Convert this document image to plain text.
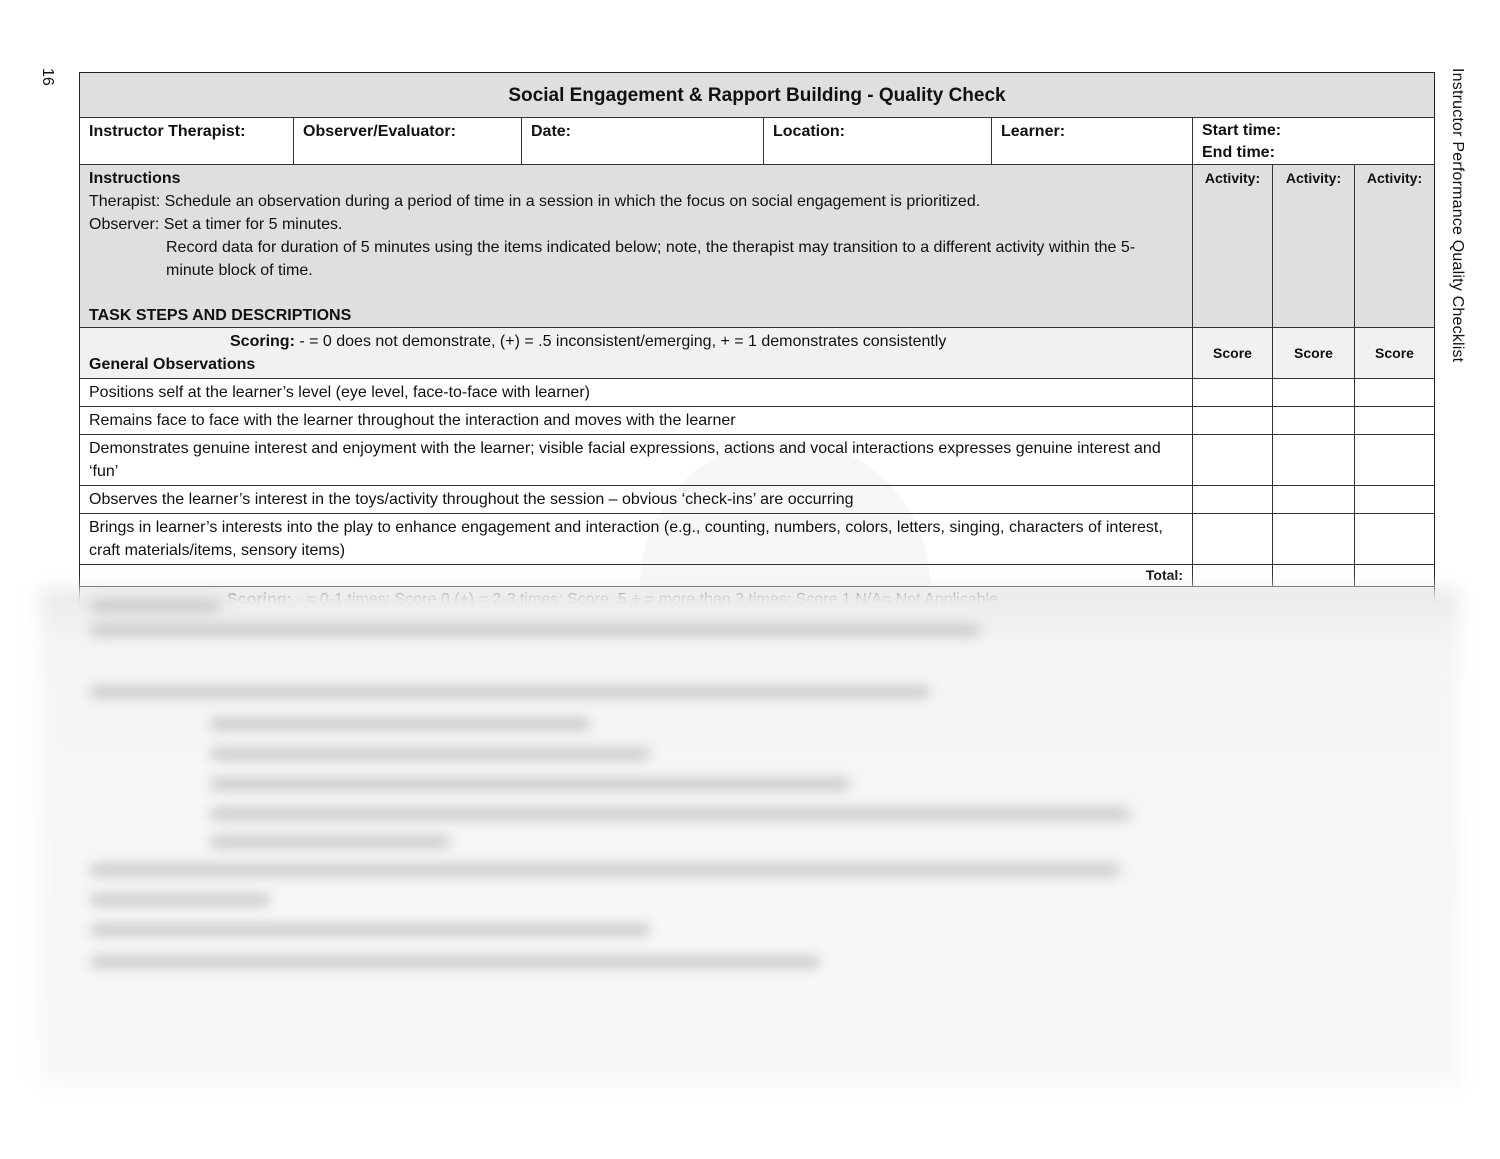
16	Instructor Performance Quality Checklist
Social Engagement & Rapport Building - Quality Check
Instructor Therapist:	Observer/Evaluator:	Date:	Location:	Learner:	Start time:
End time:
Instructions
Therapist: Schedule an observation during a period of time in a session in which the focus on social engagement is prioritized.
Observer: Set a timer for 5 minutes.
Record data for duration of 5 minutes using the items indicated below; note, the therapist may transition to a different activity within the 5-minute block of time.
TASK STEPS AND DESCRIPTIONS
Activity:	Activity:	Activity:
Scoring: - = 0 does not demonstrate, (+) = .5 inconsistent/emerging, + = 1 demonstrates consistently
General Observations
Score	Score	Score
Positions self at the learner’s level (eye level, face-to-face with learner)
Remains face to face with the learner throughout the interaction and moves with the learner
Demonstrates genuine interest and enjoyment with the learner; visible facial expressions, actions and vocal interactions expresses genuine interest and ‘fun’
Observes the learner’s interest in the toys/activity throughout the session – obvious ‘check-ins’ are occurring
Brings in learner’s interests into the play to enhance engagement and interaction (e.g., counting, numbers, colors, letters, singing, characters of interest, craft materials/items, sensory items)
Total:
